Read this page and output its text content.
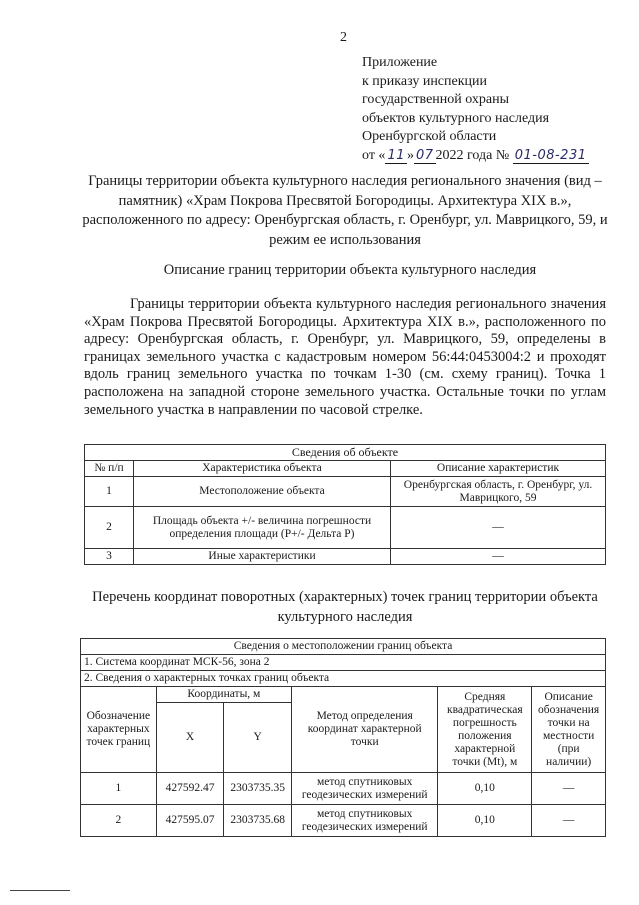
2
Приложение
к приказу инспекции
государственной охраны
объектов культурного наследия
Оренбургской области
от « 11 » 07 2022 года № 01-08-231
Границы территории объекта культурного наследия регионального значения (вид – памятник) «Храм Покрова Пресвятой Богородицы. Архитектура XIX в.», расположенного по адресу: Оренбургская область, г. Оренбург, ул. Маврицкого, 59, и режим ее использования
Описание границ территории объекта культурного наследия
Границы территории объекта культурного наследия регионального значения «Храм Покрова Пресвятой Богородицы. Архитектура XIX в.», расположенного по адресу: Оренбургская область, г. Оренбург, ул. Маврицкого, 59, определены в границах земельного участка с кадастровым номером 56:44:0453004:2 и проходят вдоль границ земельного участка по точкам 1-30 (см. схему границ). Точка 1 расположена на западной стороне земельного участка. Остальные точки по углам земельного участка в направлении по часовой стрелке.
Сведения об объекте		
№ п/п	Характеристика объекта	Описание характеристик
1	Местоположение объекта	Оренбургская область, г. Оренбург, ул. Маврицкого, 59
2	Площадь объекта +/- величина погрешности определения площади (P+/- Дельта P)	—
3	Иные характеристики	—
Перечень координат поворотных (характерных) точек границ территории объекта культурного наследия
Сведения о местоположении границ объекта					
1. Система координат МСК-56, зона 2					
2. Сведения о характерных точках границ объекта					
Обозначение характерных точек границ	Координаты, м		Метод определения координат характерной точки	Средняя квадратическая погрешность положения характерной точки (Mt), м	Описание обозначения точки на местности (при наличии)
	X	Y			
1	427592.47	2303735.35	метод спутниковых геодезических измерений	0,10	—
2	427595.07	2303735.68	метод спутниковых геодезических измерений	0,10	—
